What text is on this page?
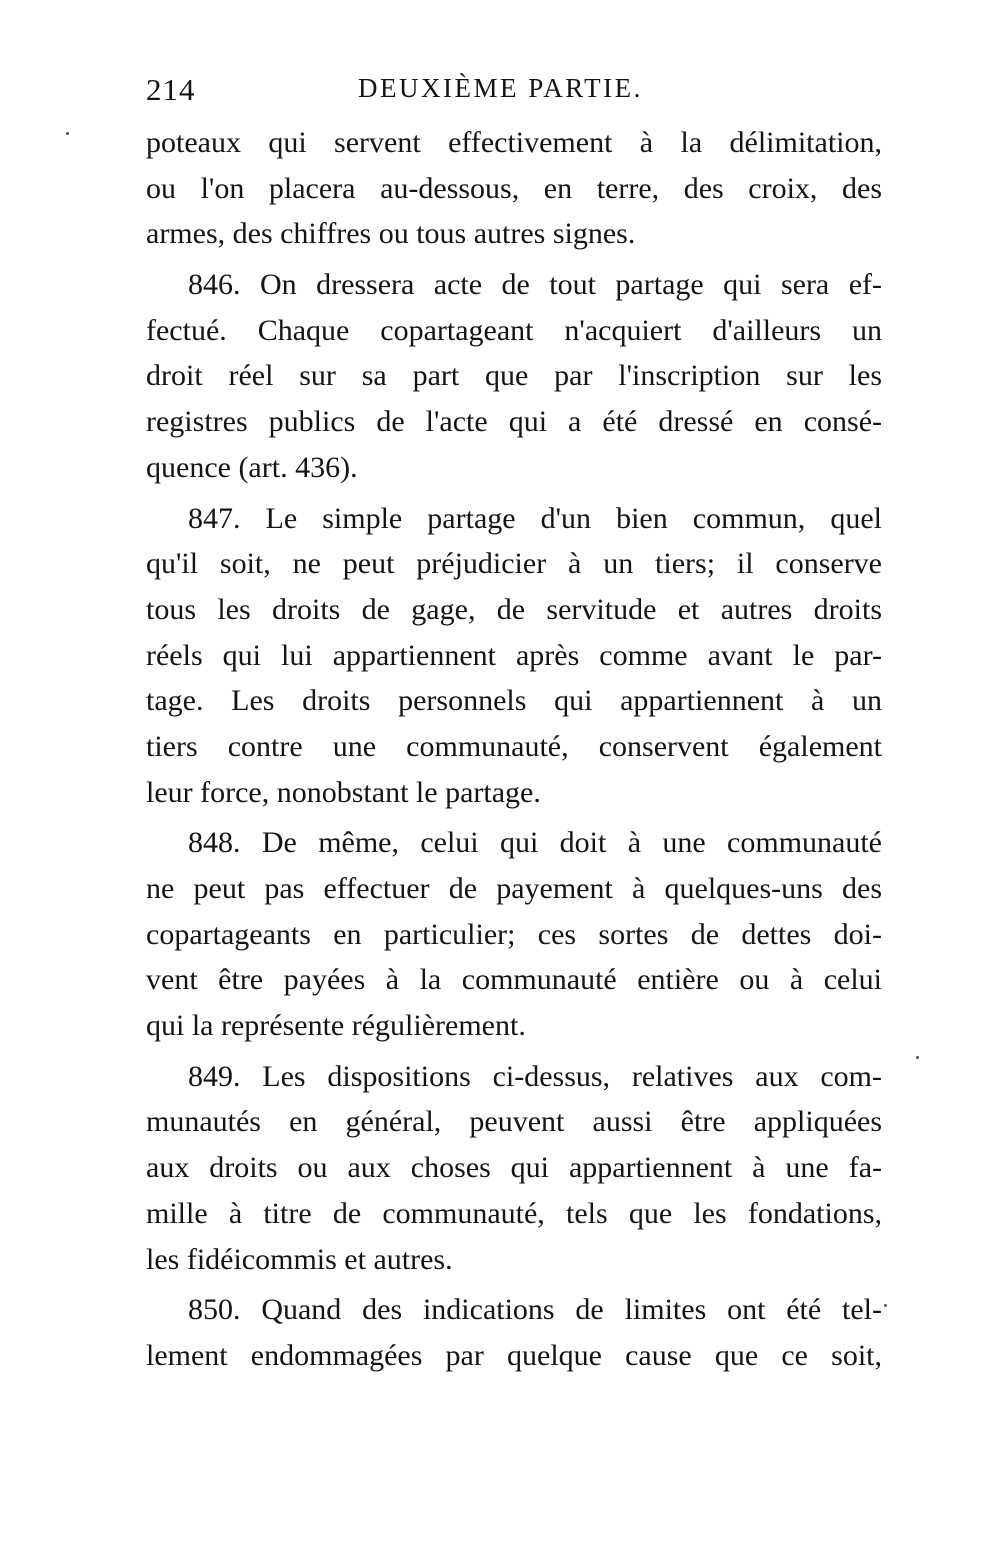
214	DEUXIÈME PARTIE.
poteaux qui servent effectivement à la délimitation,
ou l'on placera au-dessous, en terre, des croix, des
armes, des chiffres ou tous autres signes.
846. On dressera acte de tout partage qui sera ef-
fectué. Chaque copartageant n'acquiert d'ailleurs un
droit réel sur sa part que par l'inscription sur les
registres publics de l'acte qui a été dressé en consé-
quence (art. 436).
847. Le simple partage d'un bien commun, quel
qu'il soit, ne peut préjudicier à un tiers; il conserve
tous les droits de gage, de servitude et autres droits
réels qui lui appartiennent après comme avant le par-
tage. Les droits personnels qui appartiennent à un
tiers contre une communauté, conservent également
leur force, nonobstant le partage.
848. De même, celui qui doit à une communauté
ne peut pas effectuer de payement à quelques-uns des
copartageants en particulier; ces sortes de dettes doi-
vent être payées à la communauté entière ou à celui
qui la représente régulièrement.
849. Les dispositions ci-dessus, relatives aux com-
munautés en général, peuvent aussi être appliquées
aux droits ou aux choses qui appartiennent à une fa-
mille à titre de communauté, tels que les fondations,
les fidéicommis et autres.
850. Quand des indications de limites ont été tel-
lement endommagées par quelque cause que ce soit,
